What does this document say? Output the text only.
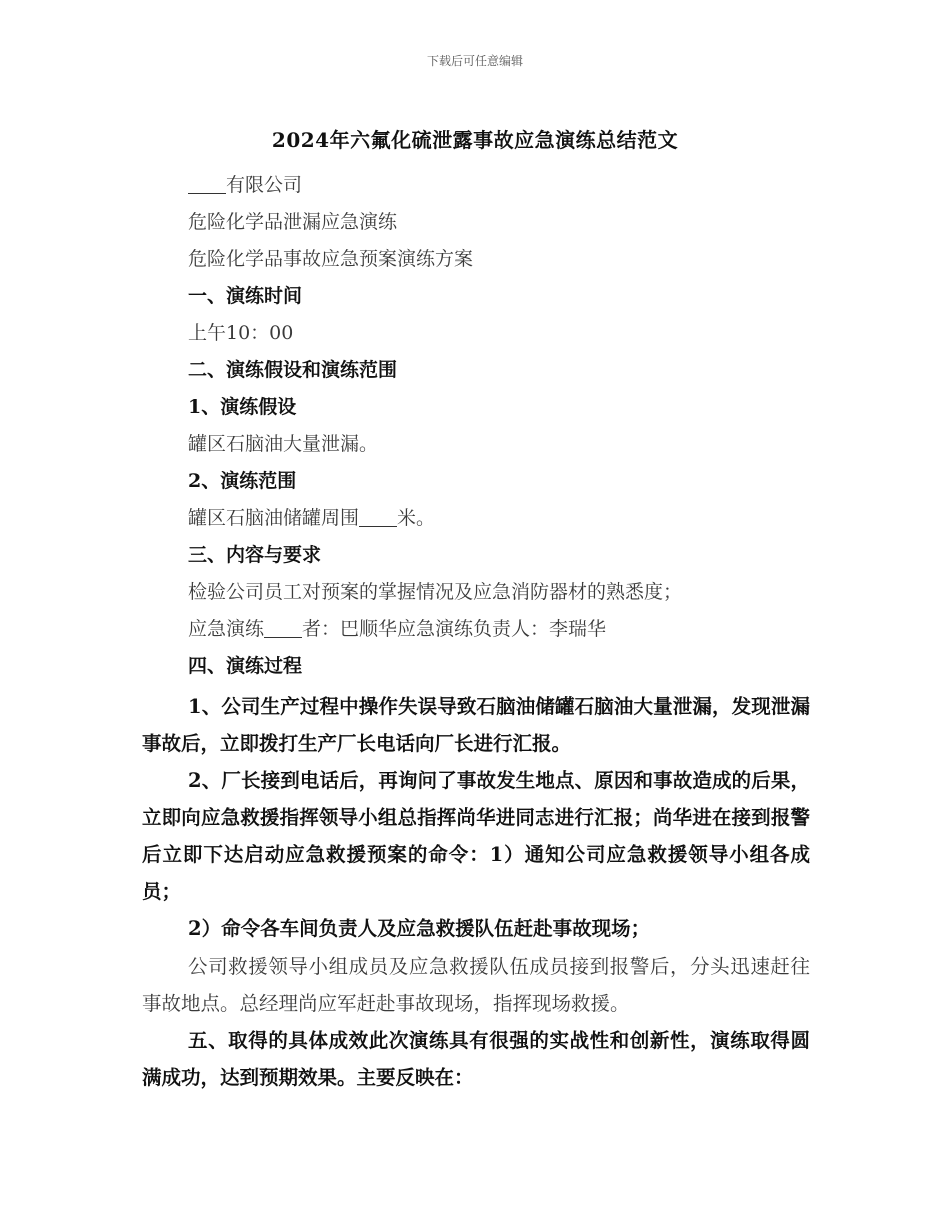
下载后可任意编辑
2024年六氟化硫泄露事故应急演练总结范文
有限公司
危险化学品泄漏应急演练
危险化学品事故应急预案演练方案
一、演练时间
上午10：00
二、演练假设和演练范围
1、演练假设
罐区石脑油大量泄漏。
2、演练范围
罐区石脑油储罐周围 米。
三、内容与要求
检验公司员工对预案的掌握情况及应急消防器材的熟悉度；
应急演练 者：巴顺华应急演练负责人：李瑞华
四、演练过程
1、公司生产过程中操作失误导致石脑油储罐石脑油大量泄漏，发现泄漏事故后，立即拨打生产厂长电话向厂长进行汇报。
2、厂长接到电话后，再询问了事故发生地点、原因和事故造成的后果，立即向应急救援指挥领导小组总指挥尚华进同志进行汇报；尚华进在接到报警后立即下达启动应急救援预案的命令：1）通知公司应急救援领导小组各成员；
2）命令各车间负责人及应急救援队伍赶赴事故现场；
公司救援领导小组成员及应急救援队伍成员接到报警后，分头迅速赶往事故地点。总经理尚应军赶赴事故现场，指挥现场救援。
五、取得的具体成效此次演练具有很强的实战性和创新性，演练取得圆满成功，达到预期效果。主要反映在：
